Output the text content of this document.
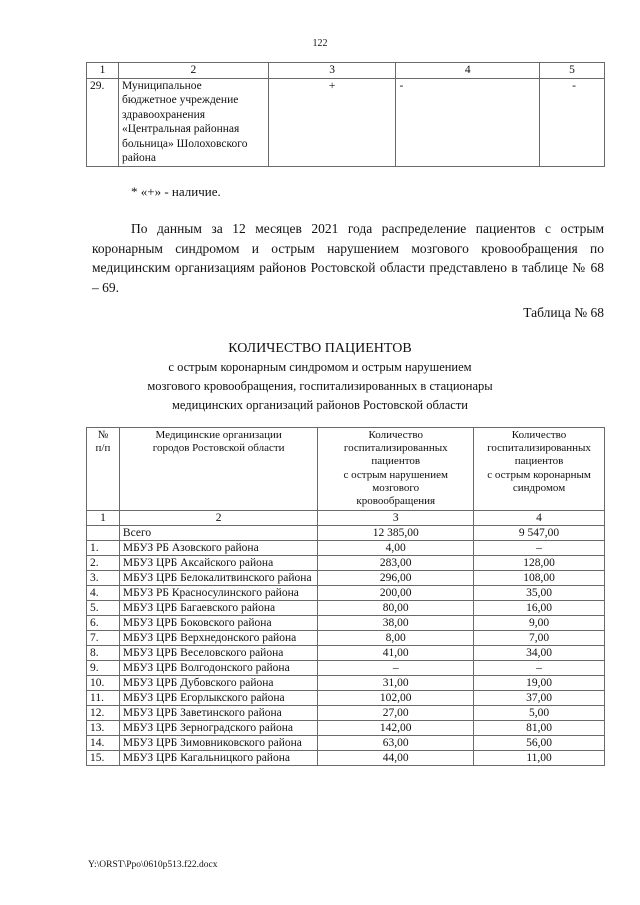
122
1	2	3	4	5
29.	Муниципальное
бюджетное учреждение
здравоохранения
«Центральная районная
больница» Шолоховского
района
	+	-	-
* «+» - наличие.
По данным за 12 месяцев 2021 года распределение пациентов с острым коронарным синдромом и острым нарушением мозгового кровообращения по медицинским организациям районов Ростовской области представлено в таблице № 68 – 69.
Таблица № 68
КОЛИЧЕСТВО ПАЦИЕНТОВ
с острым коронарным синдромом и острым нарушением
мозгового кровообращения, госпитализированных в стационары
медицинских организаций районов Ростовской области
№
п/п

Медицинские организации
городов Ростовской области

Количество
госпитализированных
пациентов
с острым нарушением
мозгового
кровообращения

Количество
госпитализированных
пациентов
с острым коронарным
синдромом

1	2	3	4
	Всего	12 385,00	9 547,00
1.	МБУЗ РБ Азовского района	4,00	–
2.	МБУЗ ЦРБ Аксайского района	283,00	128,00
3.	МБУЗ ЦРБ Белокалитвинского района	296,00	108,00
4.	МБУЗ РБ Красносулинского района	200,00	35,00
5.	МБУЗ ЦРБ Багаевского района	80,00	16,00
6.	МБУЗ ЦРБ Боковского района	38,00	9,00
7.	МБУЗ ЦРБ Верхнедонского района	8,00	7,00
8.	МБУЗ ЦРБ Веселовского района	41,00	34,00
9.	МБУЗ ЦРБ Волгодонского района	–	–
10.	МБУЗ ЦРБ Дубовского района	31,00	19,00
11.	МБУЗ ЦРБ Егорлыкского района	102,00	37,00
12.	МБУЗ ЦРБ Заветинского района	27,00	5,00
13.	МБУЗ ЦРБ Зерноградского района	142,00	81,00
14.	МБУЗ ЦРБ Зимовниковского района	63,00	56,00
15.	МБУЗ ЦРБ Кагальницкого района	44,00	11,00
Y:\ORST\Ppo\0610p513.f22.docx
